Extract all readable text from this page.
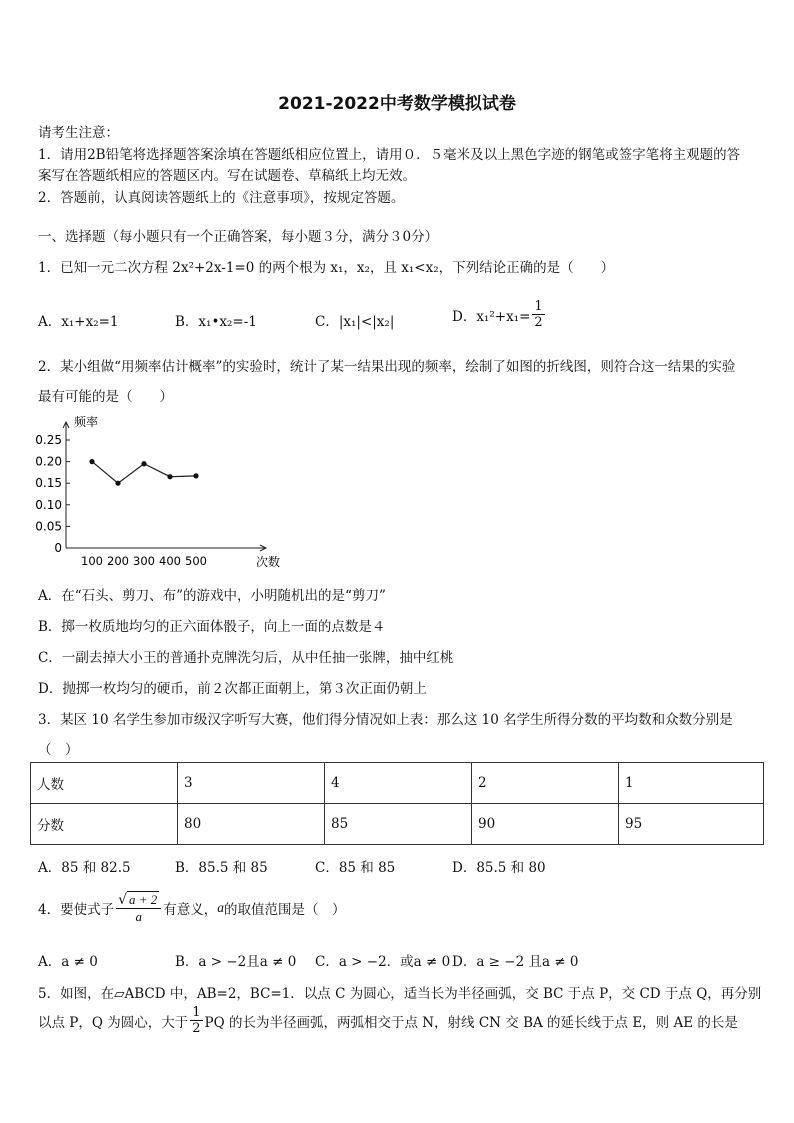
2021-2022中考数学模拟试卷
请考生注意：
1．请用2B铅笔将选择题答案涂填在答题纸相应位置上，请用０．５毫米及以上黑色字迹的钢笔或签字笔将主观题的答
案写在答题纸相应的答题区内。写在试题卷、草稿纸上均无效。
2．答题前，认真阅读答题纸上的《注意事项》，按规定答题。
一、选择题（每小题只有一个正确答案，每小题３分，满分３0分）
1．已知一元二次方程 2x²+2x-1=0 的两个根为 x₁，x₂，且 x₁<x₂，下列结论正确的是（　　）
A．x₁+x₂=1	B．x₁•x₂=-1	C．|x₁|<|x₂|	D．$x_1^2+x_1= \frac{1}{2}$
2．某小组做“用频率估计概率”的实验时，统计了某一结果出现的频率，绘制了如图的折线图，则符合这一结果的实验
最有可能的是（　　）
频率
次数
0.25
0.20
0.15
0.10
0.05
0
100 200 300 400 500
A．在“石头、剪刀、布”的游戏中，小明随机出的是“剪刀”
B．掷一枚质地均匀的正六面体骰子，向上一面的点数是４
C．一副去掉大小王的普通扑克牌洗匀后，从中任抽一张牌，抽中红桃
D．抛掷一枚均匀的硬币，前２次都正面朝上，第３次正面仍朝上
3．某区 10 名学生参加市级汉字听写大赛，他们得分情况如上表：那么这 10 名学生所得分数的平均数和众数分别是
（　）
人数	3	4	2	1
分数	80	85	90	95
A．85 和 82.5	B．85.5 和 85	C．85 和 85	D．85.5 和 80
4．要使式子 $\frac{√ a + 2}{a}$ 有意义， a 的取值范围是（　）
A．a ≠ 0	B．a > −2且a ≠ 0 C．a > −2．或a ≠ 0 D．a ≥ −2 且a ≠ 0
5．如图，在▱ABCD 中，AB=2，BC=1．以点 C 为圆心，适当长为半径画弧，交 BC 于点 P，交 CD 于点 Q，再分别
以点 P，Q 为圆心，大于 $\frac{1}{2}$ PQ 的长为半径画弧，两弧相交于点 N，射线 CN 交 BA 的延长线于点 E，则 AE 的长是
